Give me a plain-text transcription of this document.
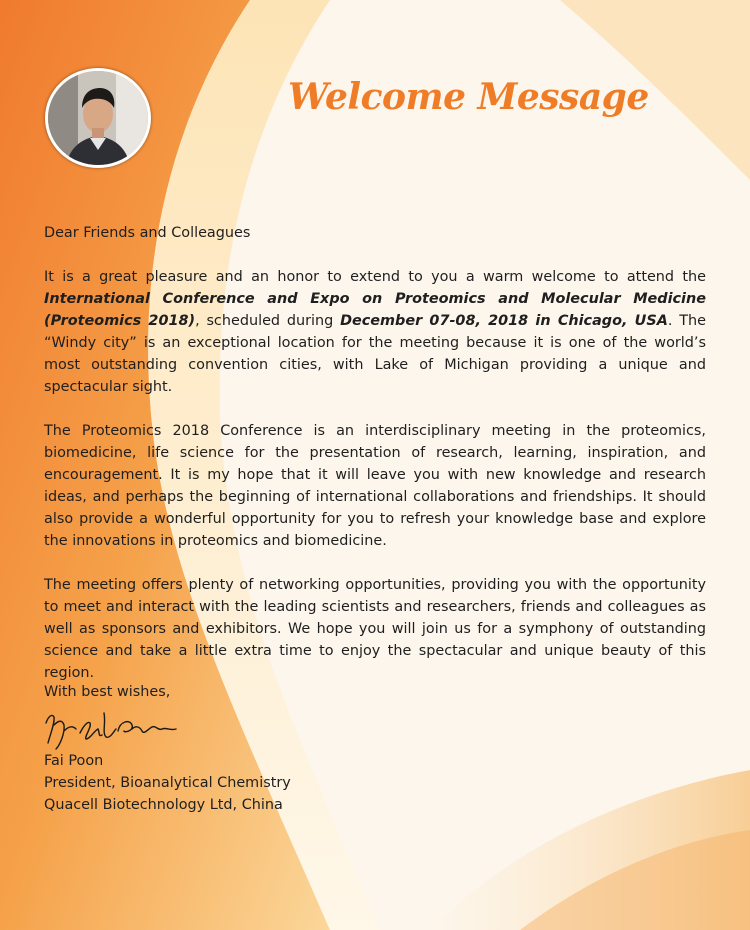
Welcome Message

Dear Friends and Colleagues

It is a great pleasure and an honor to extend to you a warm welcome to attend the International Conference and Expo on Proteomics and Molecular Medicine (Proteomics 2018), scheduled during December 07-08, 2018 in Chicago, USA. The “Windy city” is an exceptional location for the meeting because it is one of the world’s most outstanding convention cities, with Lake of Michigan providing a unique and spectacular sight.

The Proteomics 2018 Conference is an interdisciplinary meeting in the proteomics, biomedicine, life science for the presentation of research, learning, inspiration, and encouragement. It is my hope that it will leave you with new knowledge and research ideas, and perhaps the beginning of international collaborations and friendships. It should also provide a wonderful opportunity for you to refresh your knowledge base and explore the innovations in proteomics and biomedicine.

The meeting offers plenty of networking opportunities, providing you with the opportunity to meet and interact with the leading scientists and researchers, friends and colleagues as well as sponsors and exhibitors. We hope you will join us for a symphony of outstanding science and take a little extra time to enjoy the spectacular and unique beauty of this region.

With best wishes,
Fai Poon
President, Bioanalytical Chemistry
Quacell Biotechnology Ltd, China
